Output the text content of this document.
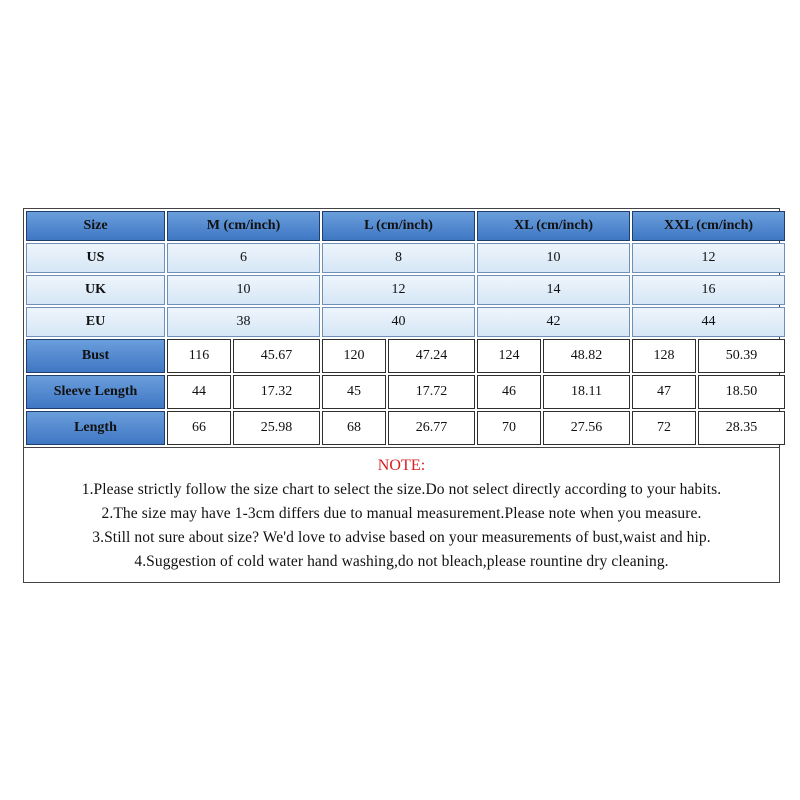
Size	M (cm/inch)		L (cm/inch)		XL (cm/inch)		XXL (cm/inch)	
US	6		8		10		12	
UK	10		12		14		16	
EU	38		40		42		44	
Bust	116	45.67	120	47.24	124	48.82	128	50.39
Sleeve Length	44	17.32	45	17.72	46	18.11	47	18.50
Length	66	25.98	68	26.77	70	27.56	72	28.35
NOTE:
1.Please strictly follow the size chart to select the size.Do not select directly according to your habits.
2.The size may have 1-3cm differs due to manual measurement.Please note when you measure.
3.Still not sure about size? We'd love to advise based on your measurements of bust,waist and hip.
4.Suggestion of cold water hand washing,do not bleach,please rountine dry cleaning.
